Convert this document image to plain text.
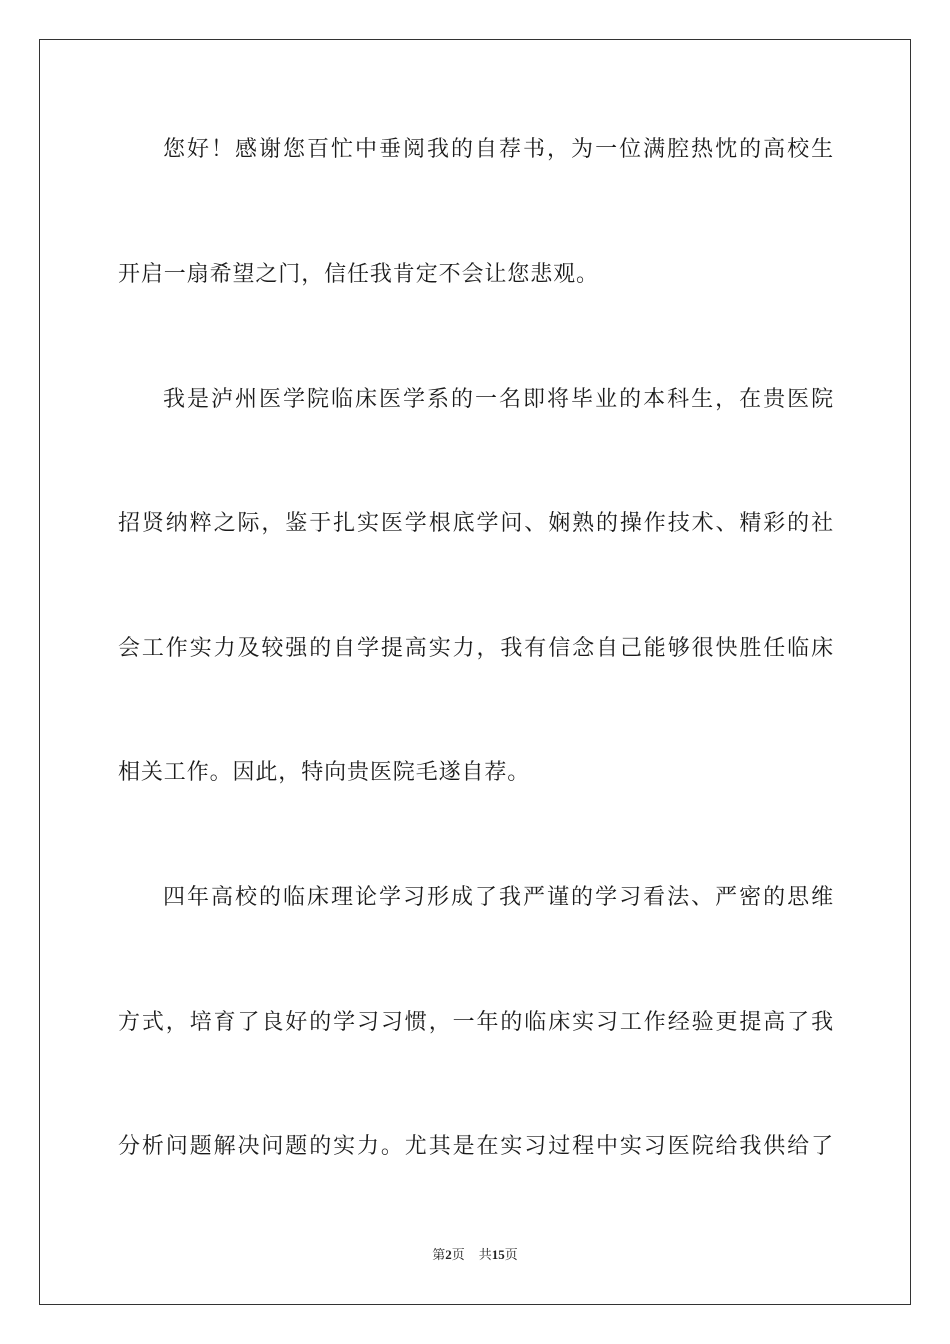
您好！感谢您百忙中垂阅我的自荐书，为一位满腔热忱的高校生
开启一扇希望之门，信任我肯定不会让您悲观。
我是泸州医学院临床医学系的一名即将毕业的本科生，在贵医院
招贤纳粹之际，鉴于扎实医学根底学问、娴熟的操作技术、精彩的社
会工作实力及较强的自学提高实力，我有信念自己能够很快胜任临床
相关工作。因此，特向贵医院毛遂自荐。
四年高校的临床理论学习形成了我严谨的学习看法、严密的思维
方式，培育了良好的学习习惯，一年的临床实习工作经验更提高了我
分析问题解决问题的实力。尤其是在实习过程中实习医院给我供给了
第2页 共15页
